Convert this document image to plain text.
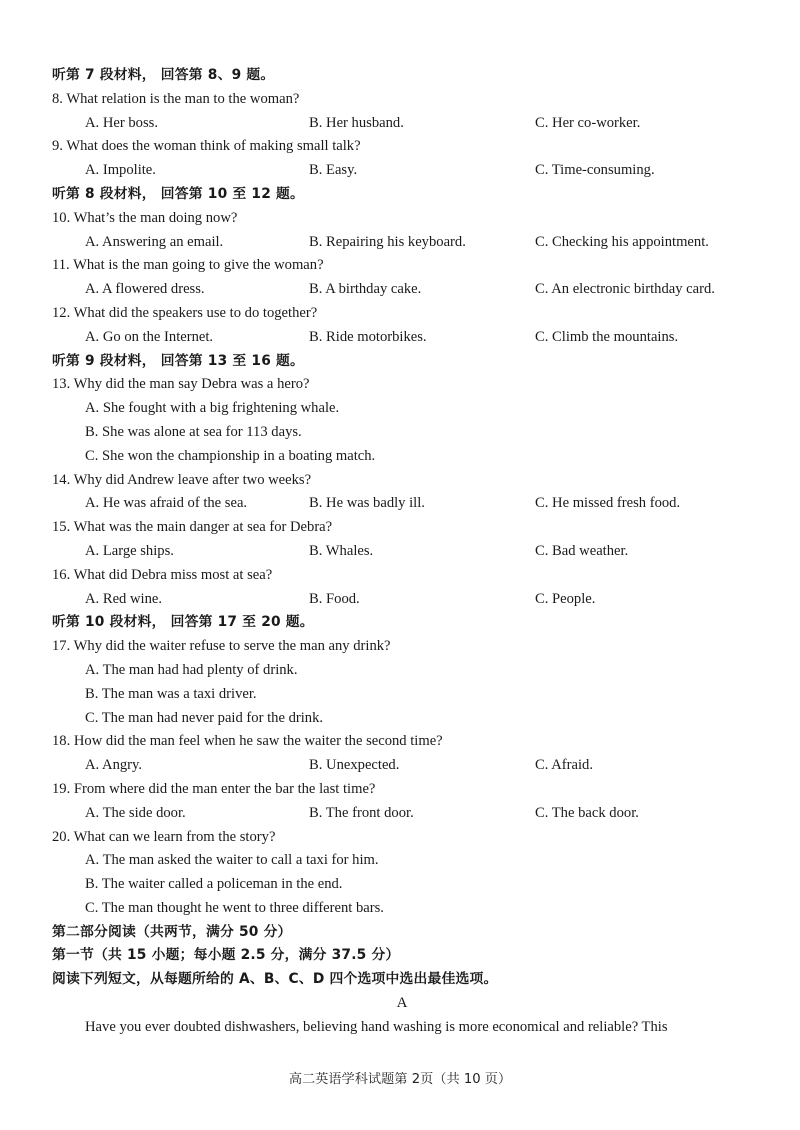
听第 7 段材料， 回答第 8、9 题。
8. What relation is the man to the woman?
A. Her boss.	B. Her husband.	C. Her co-worker.
9. What does the woman think of making small talk?
A. Impolite.	B. Easy.	C. Time-consuming.
听第 8 段材料， 回答第 10 至 12 题。
10. What’s the man doing now?
A. Answering an email.	B. Repairing his keyboard.	C. Checking his appointment.
11. What is the man going to give the woman?
A. A flowered dress.	B. A birthday cake.	C. An electronic birthday card.
12. What did the speakers use to do together?
A. Go on the Internet.	B. Ride motorbikes.	C. Climb the mountains.
听第 9 段材料， 回答第 13 至 16 题。
13. Why did the man say Debra was a hero?
A. She fought with a big frightening whale.
B. She was alone at sea for 113 days.
C. She won the championship in a boating match.
14. Why did Andrew leave after two weeks?
A. He was afraid of the sea.	B. He was badly ill.	C. He missed fresh food.
15. What was the main danger at sea for Debra?
A. Large ships.	B. Whales.	C. Bad weather.
16. What did Debra miss most at sea?
A. Red wine.	B. Food.	C. People.
听第 10 段材料， 回答第 17 至 20 题。
17. Why did the waiter refuse to serve the man any drink?
A. The man had had plenty of drink.
B. The man was a taxi driver.
C. The man had never paid for the drink.
18. How did the man feel when he saw the waiter the second time?
A. Angry.	B. Unexpected.	C. Afraid.
19. From where did the man enter the bar the last time?
A. The side door.	B. The front door.	C. The back door.
20. What can we learn from the story?
A. The man asked the waiter to call a taxi for him.
B. The waiter called a policeman in the end.
C. The man thought he went to three different bars.
第二部分阅读（共两节，满分 50 分）
第一节（共 15 小题；每小题 2.5 分，满分 37.5 分）
阅读下列短文，从每题所给的 A、B、C、D 四个选项中选出最佳选项。
A
Have you ever doubted dishwashers, believing hand washing is more economical and reliable? This
高二英语学科试题第 2页（共 10 页）
